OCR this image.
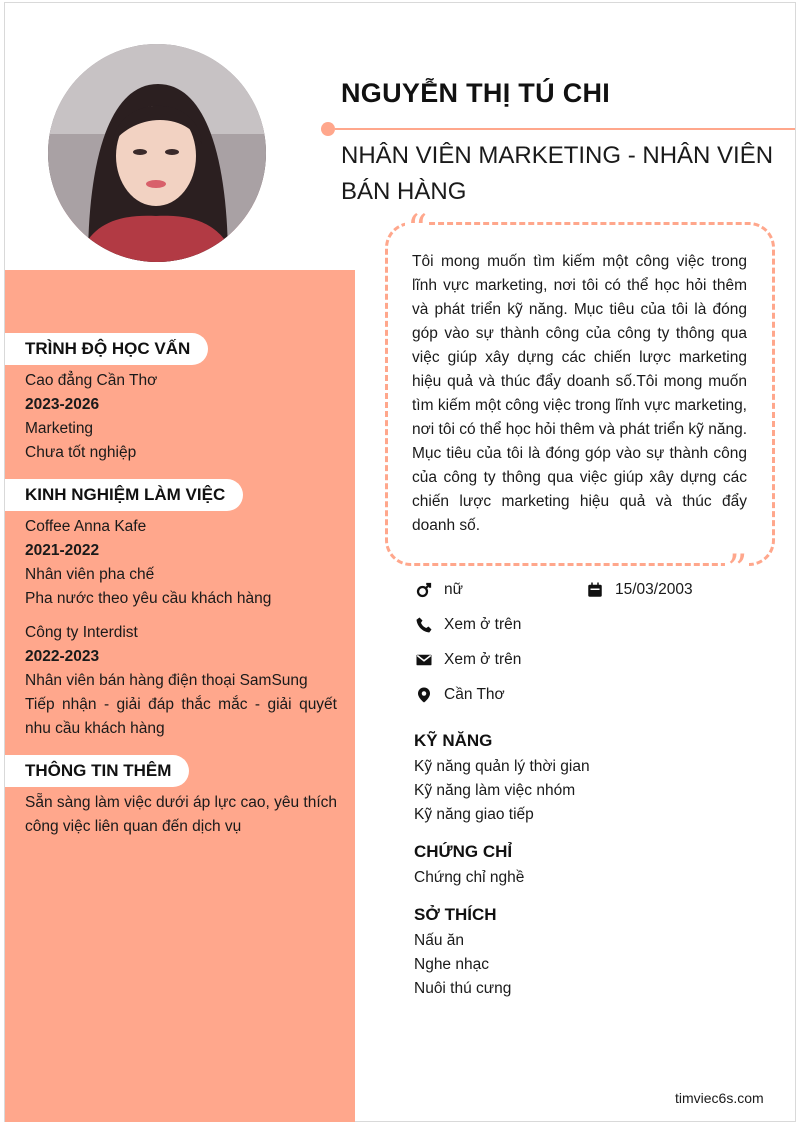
NGUYỄN THỊ TÚ CHI
NHÂN VIÊN MARKETING - NHÂN VIÊN BÁN HÀNG
“
”
Tôi mong muốn tìm kiếm một công việc trong lĩnh vực marketing, nơi tôi có thể học hỏi thêm và phát triển kỹ năng. Mục tiêu của tôi là đóng góp vào sự thành công của công ty thông qua việc giúp xây dựng các chiến lược marketing hiệu quả và thúc đẩy doanh số.Tôi mong muốn tìm kiếm một công việc trong lĩnh vực marketing, nơi tôi có thể học hỏi thêm và phát triển kỹ năng. Mục tiêu của tôi là đóng góp vào sự thành công của công ty thông qua việc giúp xây dựng các chiến lược marketing hiệu quả và thúc đẩy doanh số.
nữ	15/03/2003
Xem ở trên
Xem ở trên
Cần Thơ
KỸ NĂNG
Kỹ năng quản lý thời gian
Kỹ năng làm việc nhóm
Kỹ năng giao tiếp
CHỨNG CHỈ
Chứng chỉ nghề
SỞ THÍCH
Nấu ăn
Nghe nhạc
Nuôi thú cưng
TRÌNH ĐỘ HỌC VẤN
Cao đẳng Cần Thơ
2023-2026
Marketing
Chưa tốt nghiệp
KINH NGHIỆM LÀM VIỆC
Coffee Anna Kafe
2021-2022
Nhân viên pha chế
Pha nước theo yêu cầu khách hàng
Công ty Interdist
2022-2023
Nhân viên bán hàng điện thoại SamSung
Tiếp nhận - giải đáp thắc mắc - giải quyết nhu cầu khách hàng
THÔNG TIN THÊM
Sẵn sàng làm việc dưới áp lực cao, yêu thích công việc liên quan đến dịch vụ
timviec6s.com
